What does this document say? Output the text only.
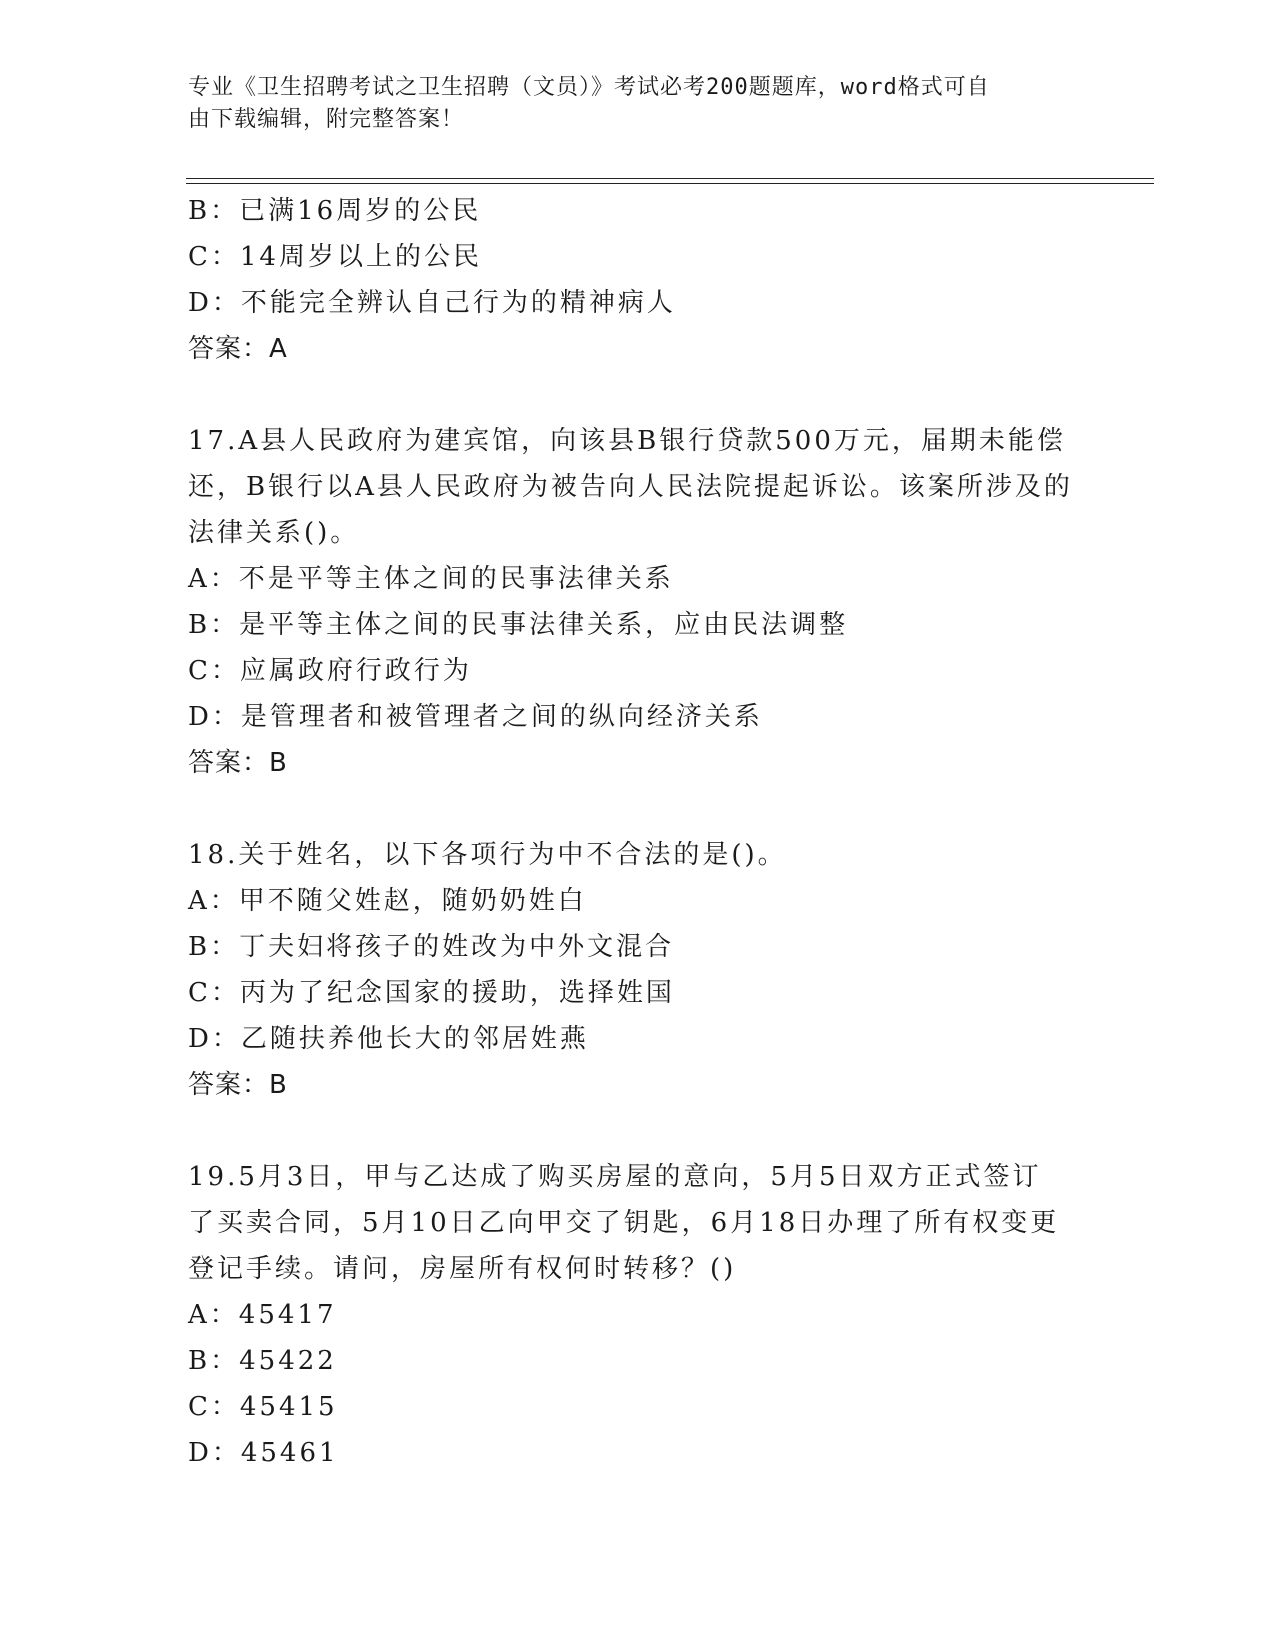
专业《卫生招聘考试之卫生招聘（文员）》考试必考200题题库，word格式可自
由下载编辑，附完整答案！
B：已满16周岁的公民
C：14周岁以上的公民
D：不能完全辨认自己行为的精神病人
答案：A
17.A县人民政府为建宾馆，向该县B银行贷款500万元，届期未能偿
还，B银行以A县人民政府为被告向人民法院提起诉讼。该案所涉及的
法律关系()。
A：不是平等主体之间的民事法律关系
B：是平等主体之间的民事法律关系，应由民法调整
C：应属政府行政行为
D：是管理者和被管理者之间的纵向经济关系
答案：B
18.关于姓名，以下各项行为中不合法的是()。
A：甲不随父姓赵，随奶奶姓白
B：丁夫妇将孩子的姓改为中外文混合
C：丙为了纪念国家的援助，选择姓国
D：乙随扶养他长大的邻居姓燕
答案：B
19.5月3日，甲与乙达成了购买房屋的意向，5月5日双方正式签订
了买卖合同，5月10日乙向甲交了钥匙，6月18日办理了所有权变更
登记手续。请问，房屋所有权何时转移？()
A：45417
B：45422
C：45415
D：45461
